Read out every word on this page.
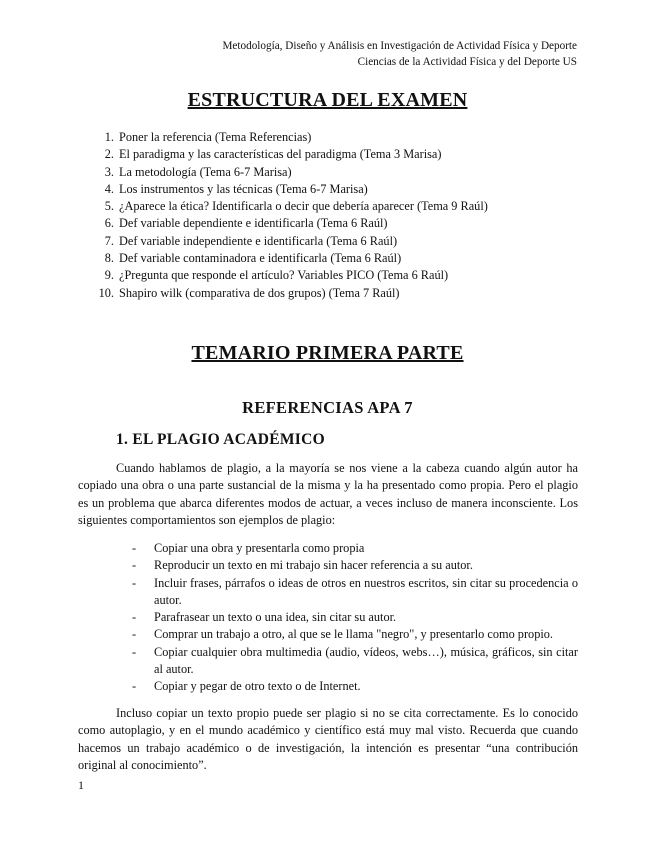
Metodología, Diseño y Análisis en Investigación de Actividad Física y Deporte
Ciencias de la Actividad Física y del Deporte US
ESTRUCTURA DEL EXAMEN
1. Poner la referencia (Tema Referencias)
2. El paradigma y las características del paradigma (Tema 3 Marisa)
3. La metodología (Tema 6-7 Marisa)
4. Los instrumentos y las técnicas (Tema 6-7 Marisa)
5. ¿Aparece la ética? Identificarla o decir que debería aparecer (Tema 9 Raúl)
6. Def variable dependiente e identificarla (Tema 6 Raúl)
7. Def variable independiente e identificarla (Tema 6 Raúl)
8. Def variable contaminadora e identificarla (Tema 6 Raúl)
9. ¿Pregunta que responde el artículo? Variables PICO (Tema 6 Raúl)
10. Shapiro wilk (comparativa de dos grupos) (Tema 7 Raúl)
TEMARIO PRIMERA PARTE
REFERENCIAS APA 7
1. EL PLAGIO ACADÉMICO

Cuando hablamos de plagio, a la mayoría se nos viene a la cabeza cuando algún autor ha copiado una obra o una parte sustancial de la misma y la ha presentado como propia. Pero el plagio es un problema que abarca diferentes modos de actuar, a veces incluso de manera inconsciente. Los siguientes comportamientos son ejemplos de plagio:

-	Copiar una obra y presentarla como propia
-	Reproducir un texto en mi trabajo sin hacer referencia a su autor.
-	Incluir frases, párrafos o ideas de otros en nuestros escritos, sin citar su procedencia o autor.
-	Parafrasear un texto o una idea, sin citar su autor.
-	Comprar un trabajo a otro, al que se le llama "negro", y presentarlo como propio.
-	Copiar cualquier obra multimedia (audio, vídeos, webs…), música, gráficos, sin citar al autor.
-	Copiar y pegar de otro texto o de Internet.

Incluso copiar un texto propio puede ser plagio si no se cita correctamente. Es lo conocido como autoplagio, y en el mundo académico y científico está muy mal visto. Recuerda que cuando hacemos un trabajo académico o de investigación, la intención es presentar “una contribución original al conocimiento”.

1
